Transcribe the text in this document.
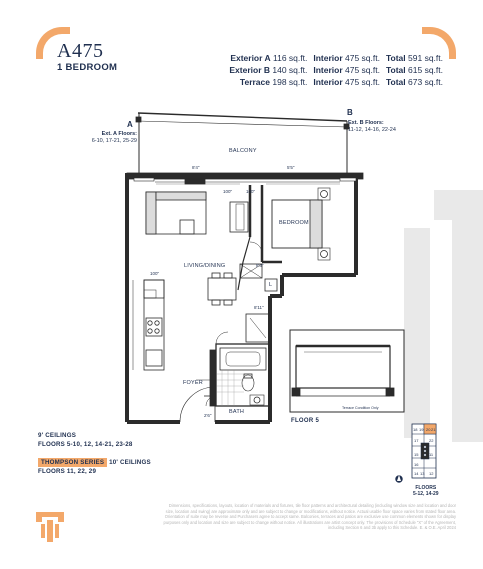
A475
1 BEDROOM
Exterior A 116 sq.ft. Interior 475 sq.ft. Total 591 sq.ft.
Exterior B 140 sq.ft. Interior 475 sq.ft. Total 615 sq.ft.
Terrace 198 sq.ft. Interior 475 sq.ft. Total 673 sq.ft.
18 19 20 21
17	22
15
16
11
12
14 13
A
B
Ext. A Floors:
6-10, 17-21, 25-29
Ext. B Floors:
11-12, 14-16, 22-24
BALCONY
BEDROOM
LIVING/DINING
FOYER
BATH
L
8'4"	5'5"
100"	100"
100"
8'3"
8'11"
2'6"
Terrace Condition Only
FLOOR 5
9' CEILINGS
FLOORS 5-10, 12, 14-21, 23-28
THOMPSON SERIES 10' CEILINGS
FLOORS 11, 22, 29
FLOORS
5-12, 14-29
Dimensions, specifications, layouts, location of materials and fixtures, tile floor patterns and architectural detailing (including window size and location and door size, location and swing) are approximate only and are subject to change or modifications, without notice. Actual usable floor space varies from stated floor area. Orientation of suite may be reverse and Purchasers agree to accept same. Balconies, terraces and patios are exclusive use common elements shown for display purposes only and location and size are subject to change without notice. All illustrations are artist concept only. The provisions of Schedule "X" of the Agreement, including Section 6 and 3b apply to this Schedule. E. & O.E. April 2024
